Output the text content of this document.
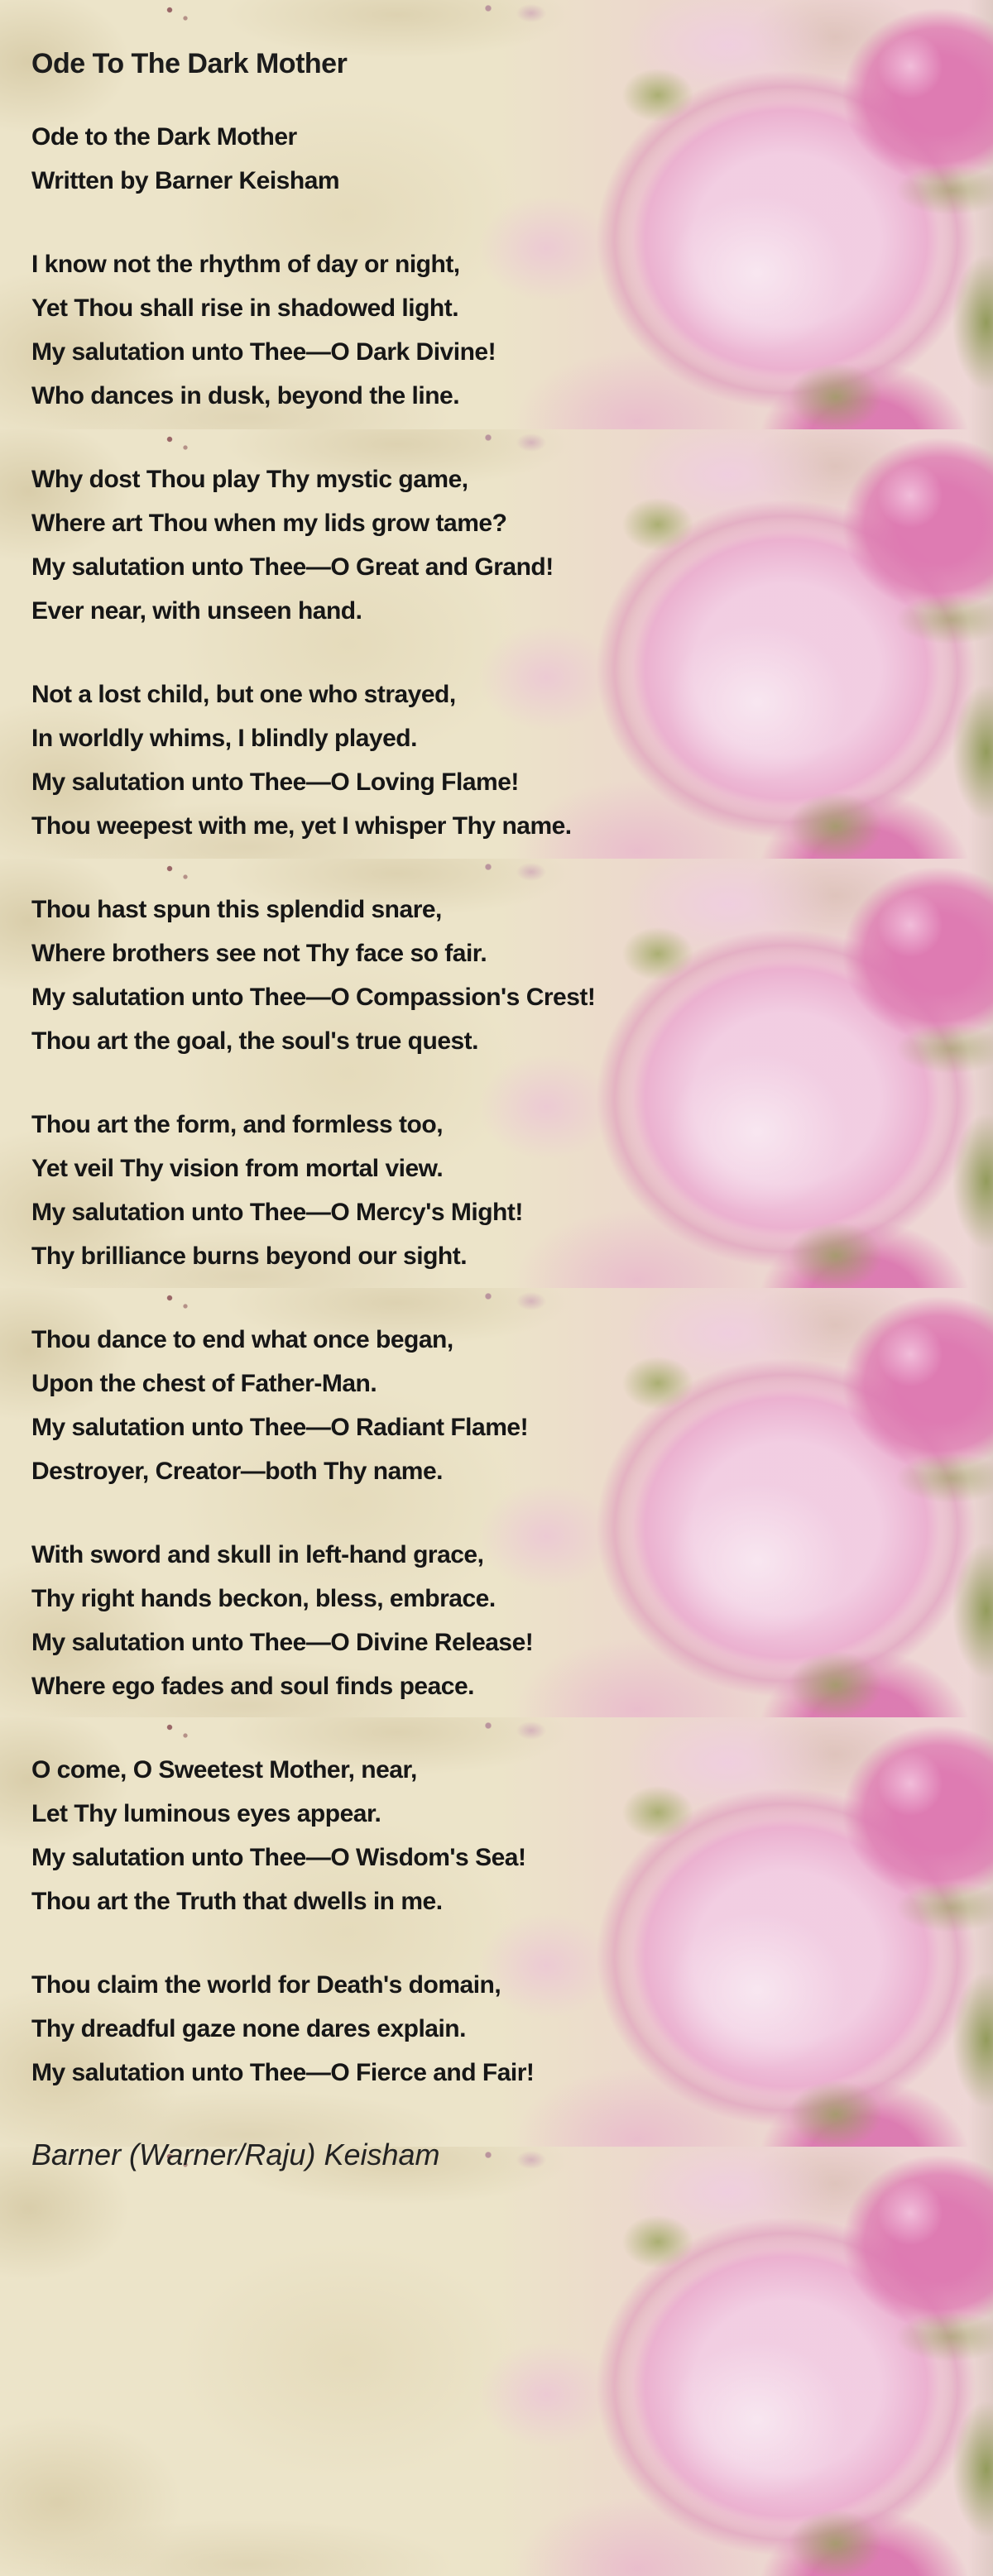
Ode To The Dark Mother
Ode to the Dark Mother
Written by Barner Keisham
I know not the rhythm of day or night,
Yet Thou shall rise in shadowed light.
My salutation unto Thee—O Dark Divine!
Who dances in dusk, beyond the line.
Why dost Thou play Thy mystic game,
Where art Thou when my lids grow tame?
My salutation unto Thee—O Great and Grand!
Ever near, with unseen hand.
Not a lost child, but one who strayed,
In worldly whims, I blindly played.
My salutation unto Thee—O Loving Flame!
Thou weepest with me, yet I whisper Thy name.
Thou hast spun this splendid snare,
Where brothers see not Thy face so fair.
My salutation unto Thee—O Compassion's Crest!
Thou art the goal, the soul's true quest.
Thou art the form, and formless too,
Yet veil Thy vision from mortal view.
My salutation unto Thee—O Mercy's Might!
Thy brilliance burns beyond our sight.
Thou dance to end what once began,
Upon the chest of Father-Man.
My salutation unto Thee—O Radiant Flame!
Destroyer, Creator—both Thy name.
With sword and skull in left-hand grace,
Thy right hands beckon, bless, embrace.
My salutation unto Thee—O Divine Release!
Where ego fades and soul finds peace.
O come, O Sweetest Mother, near,
Let Thy luminous eyes appear.
My salutation unto Thee—O Wisdom's Sea!
Thou art the Truth that dwells in me.
Thou claim the world for Death's domain,
Thy dreadful gaze none dares explain.
My salutation unto Thee—O Fierce and Fair!
Barner (Warner/Raju) Keisham
